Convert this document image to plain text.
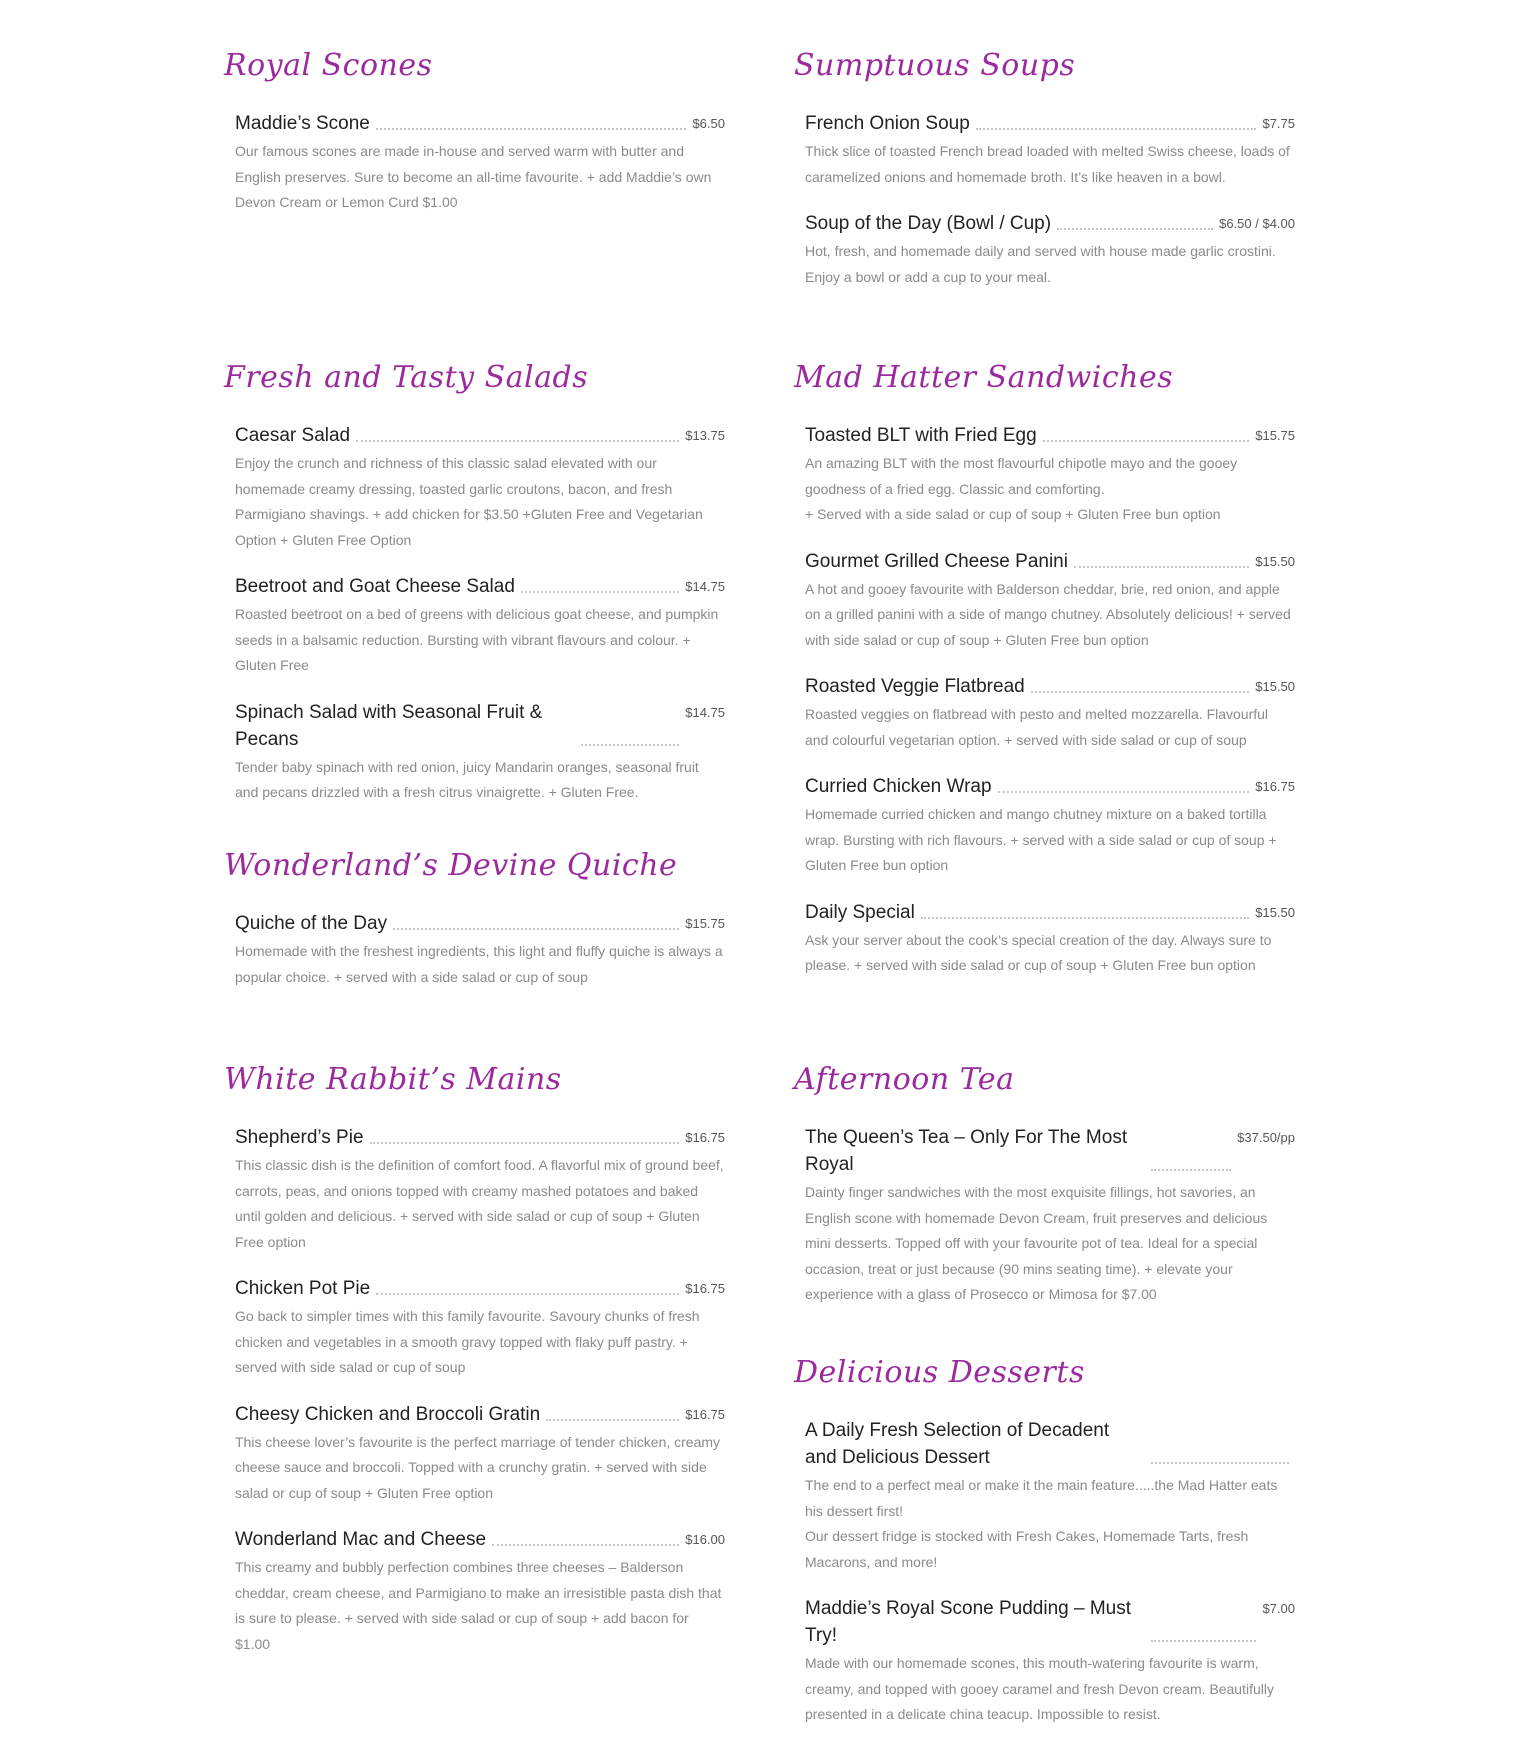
Royal Scones
Maddie’s Scone	$6.50

Our famous scones are made in-house and served warm with butter and English preserves. Sure to become an all-time favourite. + add Maddie’s own Devon Cream or Lemon Curd $1.00

Fresh and Tasty Salads
Caesar Salad	$13.75

Enjoy the crunch and richness of this classic salad elevated with our homemade creamy dressing, toasted garlic croutons, bacon, and fresh Parmigiano shavings. + add chicken for $3.50 +Gluten Free and Vegetarian Option + Gluten Free Option

Beetroot and Goat Cheese Salad	$14.75

Roasted beetroot on a bed of greens with delicious goat cheese, and pumpkin seeds in a balsamic reduction. Bursting with vibrant flavours and colour. + Gluten Free

Spinach Salad with Seasonal Fruit & Pecans
$14.75

Tender baby spinach with red onion, juicy Mandarin oranges, seasonal fruit and pecans drizzled with a fresh citrus vinaigrette. + Gluten Free.

Wonderland’s Devine Quiche
Quiche of the Day	$15.75

Homemade with the freshest ingredients, this light and fluffy quiche is always a popular choice. + served with a side salad or cup of soup

White Rabbit’s Mains
Shepherd’s Pie	$16.75

This classic dish is the definition of comfort food. A flavorful mix of ground beef, carrots, peas, and onions topped with creamy mashed potatoes and baked until golden and delicious. + served with side salad or cup of soup + Gluten Free option

Chicken Pot Pie	$16.75

Go back to simpler times with this family favourite. Savoury chunks of fresh chicken and vegetables in a smooth gravy topped with flaky puff pastry. + served with side salad or cup of soup

Cheesy Chicken and Broccoli Gratin	$16.75

This cheese lover’s favourite is the perfect marriage of tender chicken, creamy cheese sauce and broccoli. Topped with a crunchy gratin. + served with side salad or cup of soup + Gluten Free option

Wonderland Mac and Cheese	$16.00

This creamy and bubbly perfection combines three cheeses – Balderson cheddar, cream cheese, and Parmigiano to make an irresistible pasta dish that is sure to please. + served with side salad or cup of soup + add bacon for $1.00

Sumptuous Soups
French Onion Soup	$7.75

Thick slice of toasted French bread loaded with melted Swiss cheese, loads of caramelized onions and homemade broth. It’s like heaven in a bowl.

Soup of the Day (Bowl / Cup)	$6.50 / $4.00

Hot, fresh, and homemade daily and served with house made garlic crostini. Enjoy a bowl or add a cup to your meal.

Mad Hatter Sandwiches
Toasted BLT with Fried Egg	$15.75

An amazing BLT with the most flavourful chipotle mayo and the gooey goodness of a fried egg. Classic and comforting.

+ Served with a side salad or cup of soup + Gluten Free bun option

Gourmet Grilled Cheese Panini	$15.50

A hot and gooey favourite with Balderson cheddar, brie, red onion, and apple on a grilled panini with a side of mango chutney. Absolutely delicious! + served with side salad or cup of soup + Gluten Free bun option

Roasted Veggie Flatbread	$15.50

Roasted veggies on flatbread with pesto and melted mozzarella. Flavourful and colourful vegetarian option. + served with side salad or cup of soup

Curried Chicken Wrap	$16.75

Homemade curried chicken and mango chutney mixture on a baked tortilla wrap. Bursting with rich flavours. + served with a side salad or cup of soup + Gluten Free bun option

Daily Special	$15.50

Ask your server about the cook’s special creation of the day. Always sure to please. + served with side salad or cup of soup + Gluten Free bun option

Afternoon Tea
The Queen’s Tea – Only For The Most Royal
$37.50/pp

Dainty finger sandwiches with the most exquisite fillings, hot savories, an English scone with homemade Devon Cream, fruit preserves and delicious mini desserts. Topped off with your favourite pot of tea. Ideal for a special occasion, treat or just because (90 mins seating time). + elevate your experience with a glass of Prosecco or Mimosa for $7.00

Delicious Desserts
A Daily Fresh Selection of Decadent and Delicious Dessert

The end to a perfect meal or make it the main feature.....the Mad Hatter eats his dessert first!

Our dessert fridge is stocked with Fresh Cakes, Homemade Tarts, fresh Macarons, and more!

Maddie’s Royal Scone Pudding – Must Try!
$7.00

Made with our homemade scones, this mouth-watering favourite is warm, creamy, and topped with gooey caramel and fresh Devon cream. Beautifully presented in a delicate china teacup. Impossible to resist.
